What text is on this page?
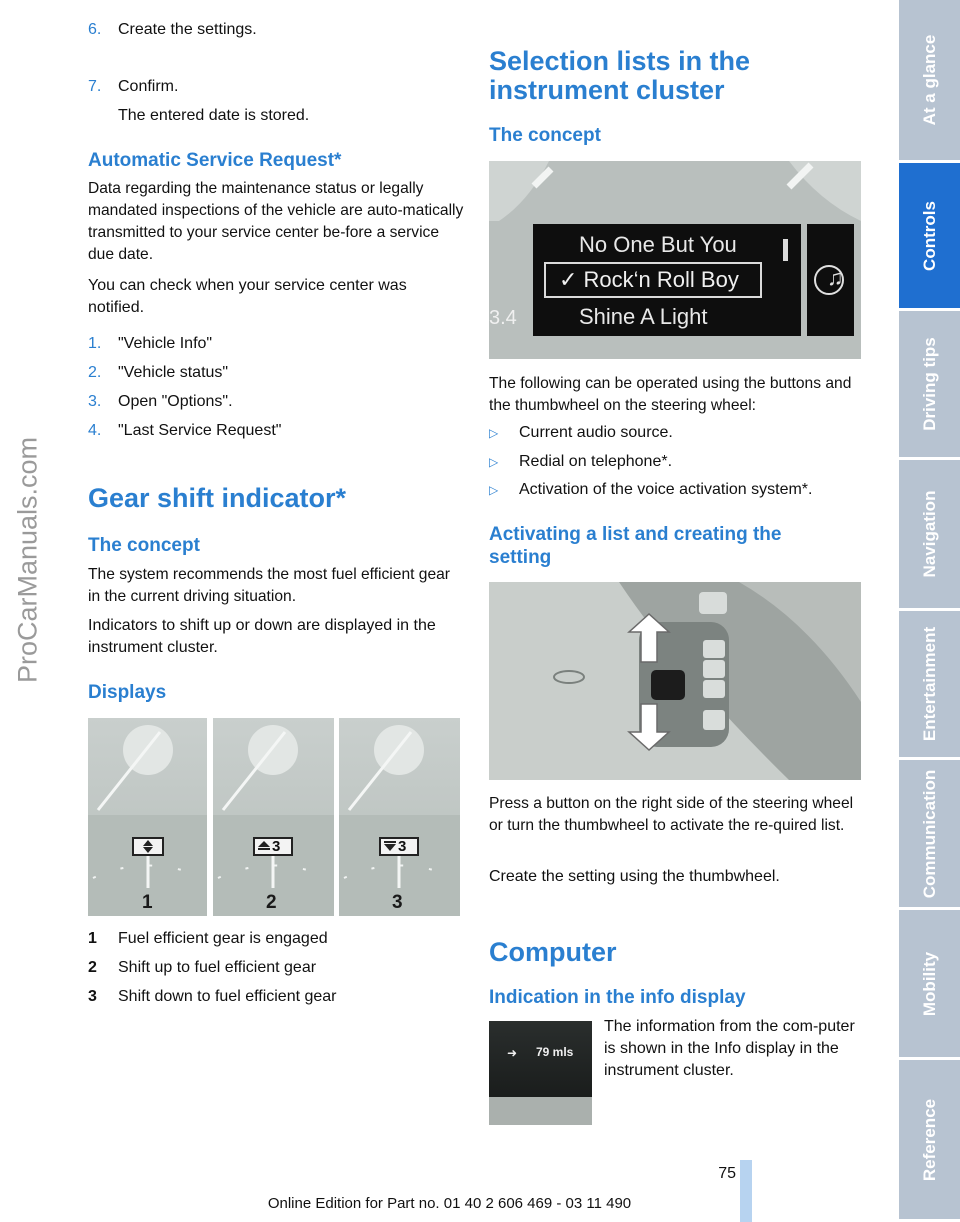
6. Create the settings.
7. Confirm.
The entered date is stored.
Automatic Service Request*
Data regarding the maintenance status or legally mandated inspections of the vehicle are auto-matically transmitted to your service center be-fore a service due date.
You can check when your service center was notified.
1. "Vehicle Info"
2. "Vehicle status"
3. Open "Options".
4. "Last Service Request"
Gear shift indicator*
The concept
The system recommends the most fuel efficient gear in the current driving situation.
Indicators to shift up or down are displayed in the instrument cluster.
Displays
3	3
1	2	3
1 Fuel efficient gear is engaged
2 Shift up to fuel efficient gear
3 Shift down to fuel efficient gear
Selection lists in the
instrument cluster
The concept
No One But You
✓ Rock‘n Roll Boy
Shine A Light
3.4
♫
The following can be operated using the buttons and the thumbwheel on the steering wheel:
▷ Current audio source.
▷ Redial on telephone*.
▷ Activation of the voice activation system*.
Activating a list and creating the
setting
Press a button on the right side of the steering wheel or turn the thumbwheel to activate the re-quired list.
Create the setting using the thumbwheel.
Computer
Indication in the info display
➜ 79 mls
The information from the com-puter is shown in the Info display in the instrument cluster.
ProCarManuals.com
At a glance
Controls
Driving tips
Navigation
Entertainment
Communication
Mobility
Reference
75
Online Edition for Part no. 01 40 2 606 469 - 03 11 490
